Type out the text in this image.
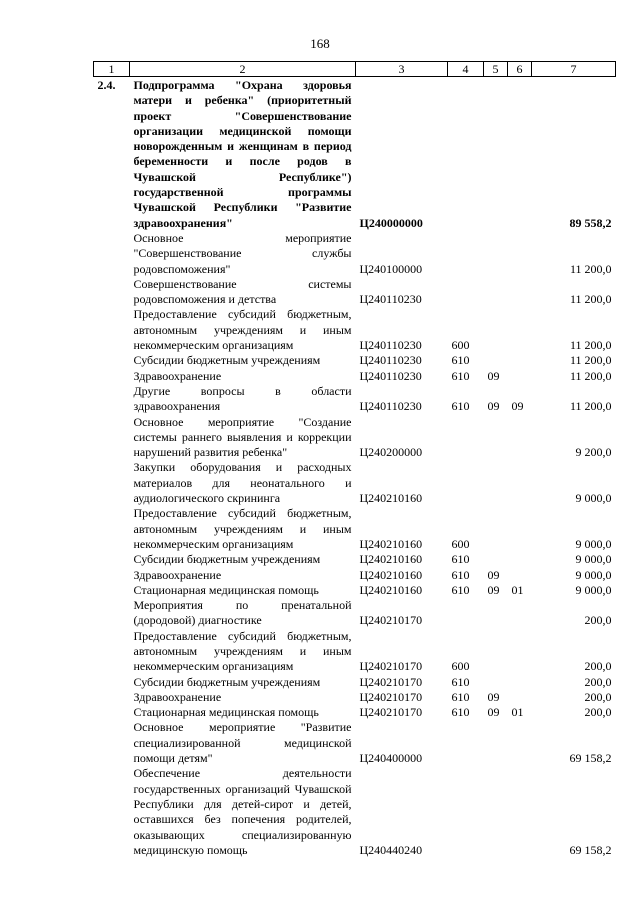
168
1	2	3	4	5	6	7
2.4.	Подпрограмма "Охрана здоровья матери и ребенка" (приоритетный проект "Совершенствование организации медицинской помощи новорожденным и женщинам в период беременности и после родов в Чувашской Республике") государственной программы Чувашской Республики "Развитие здравоохранения"	Ц240000000				89 558,2
	Основное мероприятие "Совершенствование службы родовспоможения"	Ц240100000				11 200,0
	Совершенствование системы родовспоможения и детства	Ц240110230				11 200,0
	Предоставление субсидий бюджетным, автономным учреждениям и иным некоммерческим организациям	Ц240110230	600			11 200,0
	Субсидии бюджетным учреждениям	Ц240110230	610			11 200,0
	Здравоохранение	Ц240110230	610	09		11 200,0
	Другие вопросы в области здравоохранения	Ц240110230	610	09	09	11 200,0
	Основное мероприятие "Создание системы раннего выявления и коррекции нарушений развития ребенка"	Ц240200000				9 200,0
	Закупки оборудования и расходных материалов для неонатального и аудиологического скрининга	Ц240210160				9 000,0
	Предоставление субсидий бюджетным, автономным учреждениям и иным некоммерческим организациям	Ц240210160	600			9 000,0
	Субсидии бюджетным учреждениям	Ц240210160	610			9 000,0
	Здравоохранение	Ц240210160	610	09		9 000,0
	Стационарная медицинская помощь	Ц240210160	610	09	01	9 000,0
	Мероприятия по пренатальной (дородовой) диагностике	Ц240210170				200,0
	Предоставление субсидий бюджетным, автономным учреждениям и иным некоммерческим организациям	Ц240210170	600			200,0
	Субсидии бюджетным учреждениям	Ц240210170	610			200,0
	Здравоохранение	Ц240210170	610	09		200,0
	Стационарная медицинская помощь	Ц240210170	610	09	01	200,0
	Основное мероприятие "Развитие специализированной медицинской помощи детям"	Ц240400000				69 158,2
	Обеспечение деятельности государственных организаций Чувашской Республики для детей-сирот и детей, оставшихся без попечения родителей, оказывающих специализированную медицинскую помощь	Ц240440240				69 158,2
